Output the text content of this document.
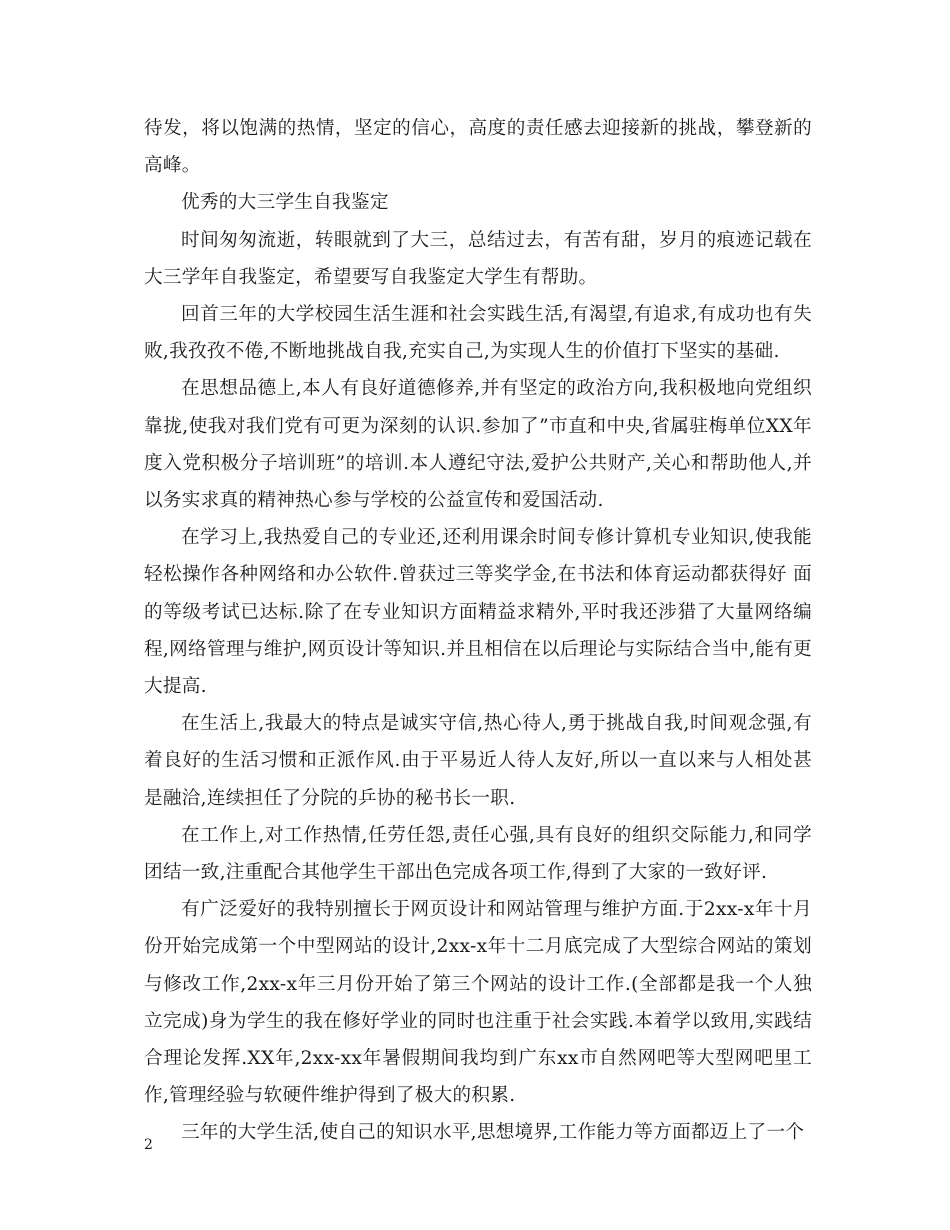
待发，将以饱满的热情，坚定的信心，高度的责任感去迎接新的挑战，攀登新的高峰。

优秀的大三学生自我鉴定

时间匆匆流逝，转眼就到了大三，总结过去，有苦有甜，岁月的痕迹记载在大三学年自我鉴定，希望要写自我鉴定大学生有帮助。

回首三年的大学校园生活生涯和社会实践生活,有渴望,有追求,有成功也有失败,我孜孜不倦,不断地挑战自我,充实自己,为实现人生的价值打下坚实的基础.

在思想品德上,本人有良好道德修养,并有坚定的政治方向,我积极地向党组织靠拢,使我对我们党有可更为深刻的认识.参加了”市直和中央,省属驻梅单位XX年度入党积极分子培训班”的培训.本人遵纪守法,爱护公共财产,关心和帮助他人,并以务实求真的精神热心参与学校的公益宣传和爱国活动.

在学习上,我热爱自己的专业还,还利用课余时间专修计算机专业知识,使我能轻松操作各种网络和办公软件.曾获过三等奖学金,在书法和体育运动都获得好 面的等级考试已达标.除了在专业知识方面精益求精外,平时我还涉猎了大量网络编程,网络管理与维护,网页设计等知识.并且相信在以后理论与实际结合当中,能有更大提高.

在生活上,我最大的特点是诚实守信,热心待人,勇于挑战自我,时间观念强,有着良好的生活习惯和正派作风.由于平易近人待人友好,所以一直以来与人相处甚是融洽,连续担任了分院的乒协的秘书长一职.

在工作上,对工作热情,任劳任怨,责任心强,具有良好的组织交际能力,和同学团结一致,注重配合其他学生干部出色完成各项工作,得到了大家的一致好评.

有广泛爱好的我特别擅长于网页设计和网站管理与维护方面.于2xx-x年十月份开始完成第一个中型网站的设计,2xx-x年十二月底完成了大型综合网站的策划与修改工作,2xx-x年三月份开始了第三个网站的设计工作.(全部都是我一个人独立完成)身为学生的我在修好学业的同时也注重于社会实践.本着学以致用,实践结合理论发挥.XX年,2xx-xx年暑假期间我均到广东xx市自然网吧等大型网吧里工作,管理经验与软硬件维护得到了极大的积累.

三年的大学生活,使自己的知识水平,思想境界,工作能力等方面都迈上了一个

2
